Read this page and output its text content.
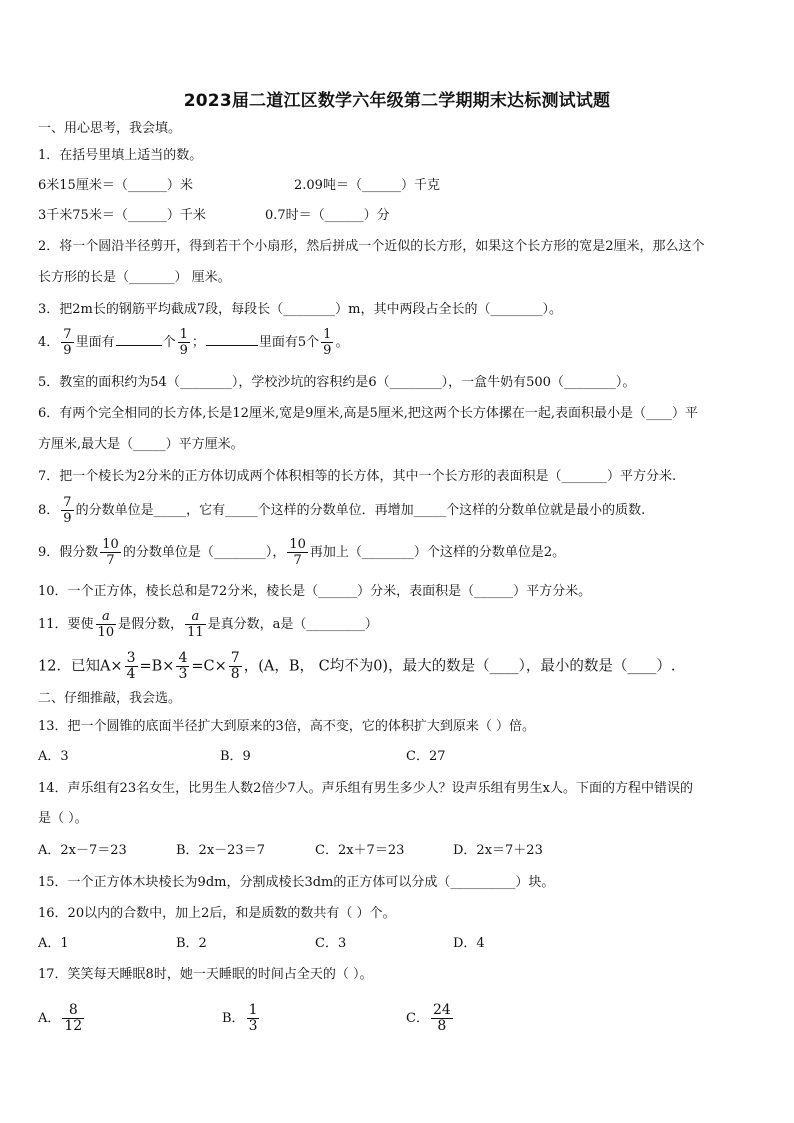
2023届二道江区数学六年级第二学期期末达标测试试题
一、用心思考，我会填。
1．在括号里填上适当的数。
6米15厘米＝（______）米	2.09吨＝（______）千克
3千米75米＝（______）千米	0.7时＝（______）分
2．将一个圆沿半径剪开，得到若干个小扇形，然后拼成一个近似的长方形，如果这个长方形的宽是2厘米，那么这个
长方形的长是（_______） 厘米。
3．把2m长的钢筋平均截成7段，每段长（________）m，其中两段占全长的（________）。
4． $\frac{7}{9}$ 里面有	个 $\frac{1}{9}$ ；	里面有5个 $\frac{1}{9}$ 。
5．教室的面积约为54（________），学校沙坑的容积约是6（________），一盒牛奶有500（________）。
6．有两个完全相同的长方体,长是12厘米,宽是9厘米,高是5厘米,把这两个长方体摞在一起,表面积最小是（____）平
方厘米,最大是（_____）平方厘米。
7．把一个棱长为2分米的正方体切成两个体积相等的长方体，其中一个长方形的表面积是（_______）平方分米.
8． $\frac{7}{9}$ 的分数单位是_____，它有_____个这样的分数单位．再增加_____个这样的分数单位就是最小的质数.
9．假分数 $\frac{10}{7}$ 的分数单位是（________）， $\frac{10}{7}$ 再加上（________）个这样的分数单位是2。
10．一个正方体，棱长总和是72分米，棱长是（______）分米，表面积是（______）平方分米。
11．要使 $\frac{a}{10}$ 是假分数， $\frac{a}{11}$ 是真分数，a是（_________）
12．已知$A\times \frac{3}{4} =B\times \frac{4}{3} =C\times \frac{7}{8}$ ，(A，B， C均不为0)，最大的数是（____），最小的数是（____）.
二、仔细推敲，我会选。
13．把一个圆锥的底面半径扩大到原来的3倍，高不变，它的体积扩大到原来（ ）倍。
A．3	B．9	C．27
14．声乐组有23名女生，比男生人数2倍少7人。声乐组有男生多少人？设声乐组有男生x人。下面的方程中错误的
是（ ）。
A．2x－7＝23	B．2x－23＝7	C．2x＋7＝23	D．2x＝7＋23
15．一个正方体木块棱长为9dm，分割成棱长3dm的正方体可以分成（__________）块。
16．20以内的合数中，加上2后，和是质数的数共有（ ）个。
A．1	B．2	C．3	D．4
17．笑笑每天睡眠8时，她一天睡眠的时间占全天的（ ）。
A． $\frac{8}{12}$	B． $\frac{1}{3}$	C． $\frac{24}{8}$
